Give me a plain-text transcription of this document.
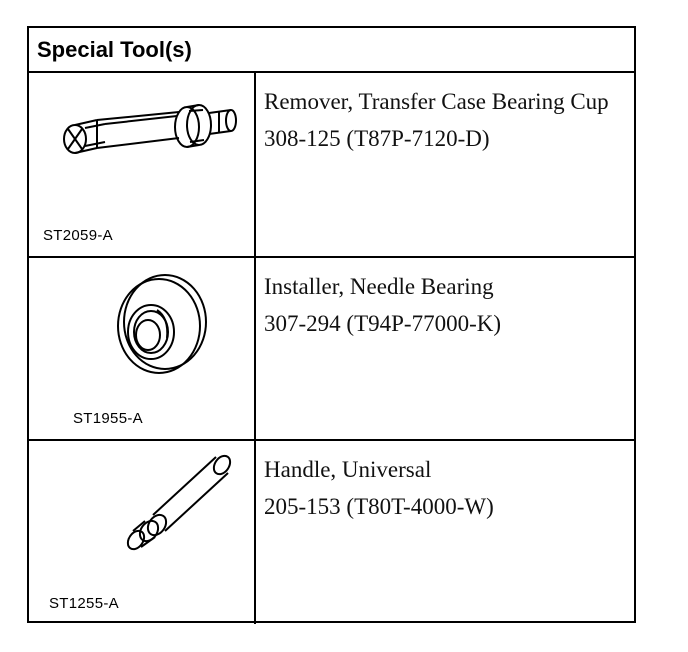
Special Tool(s)
ST2059-A
Remover, Transfer Case Bearing Cup
308-125 (T87P-7120-D)
ST1955-A
Installer, Needle Bearing
307-294 (T94P-77000-K)
ST1255-A
Handle, Universal
205-153 (T80T-4000-W)
